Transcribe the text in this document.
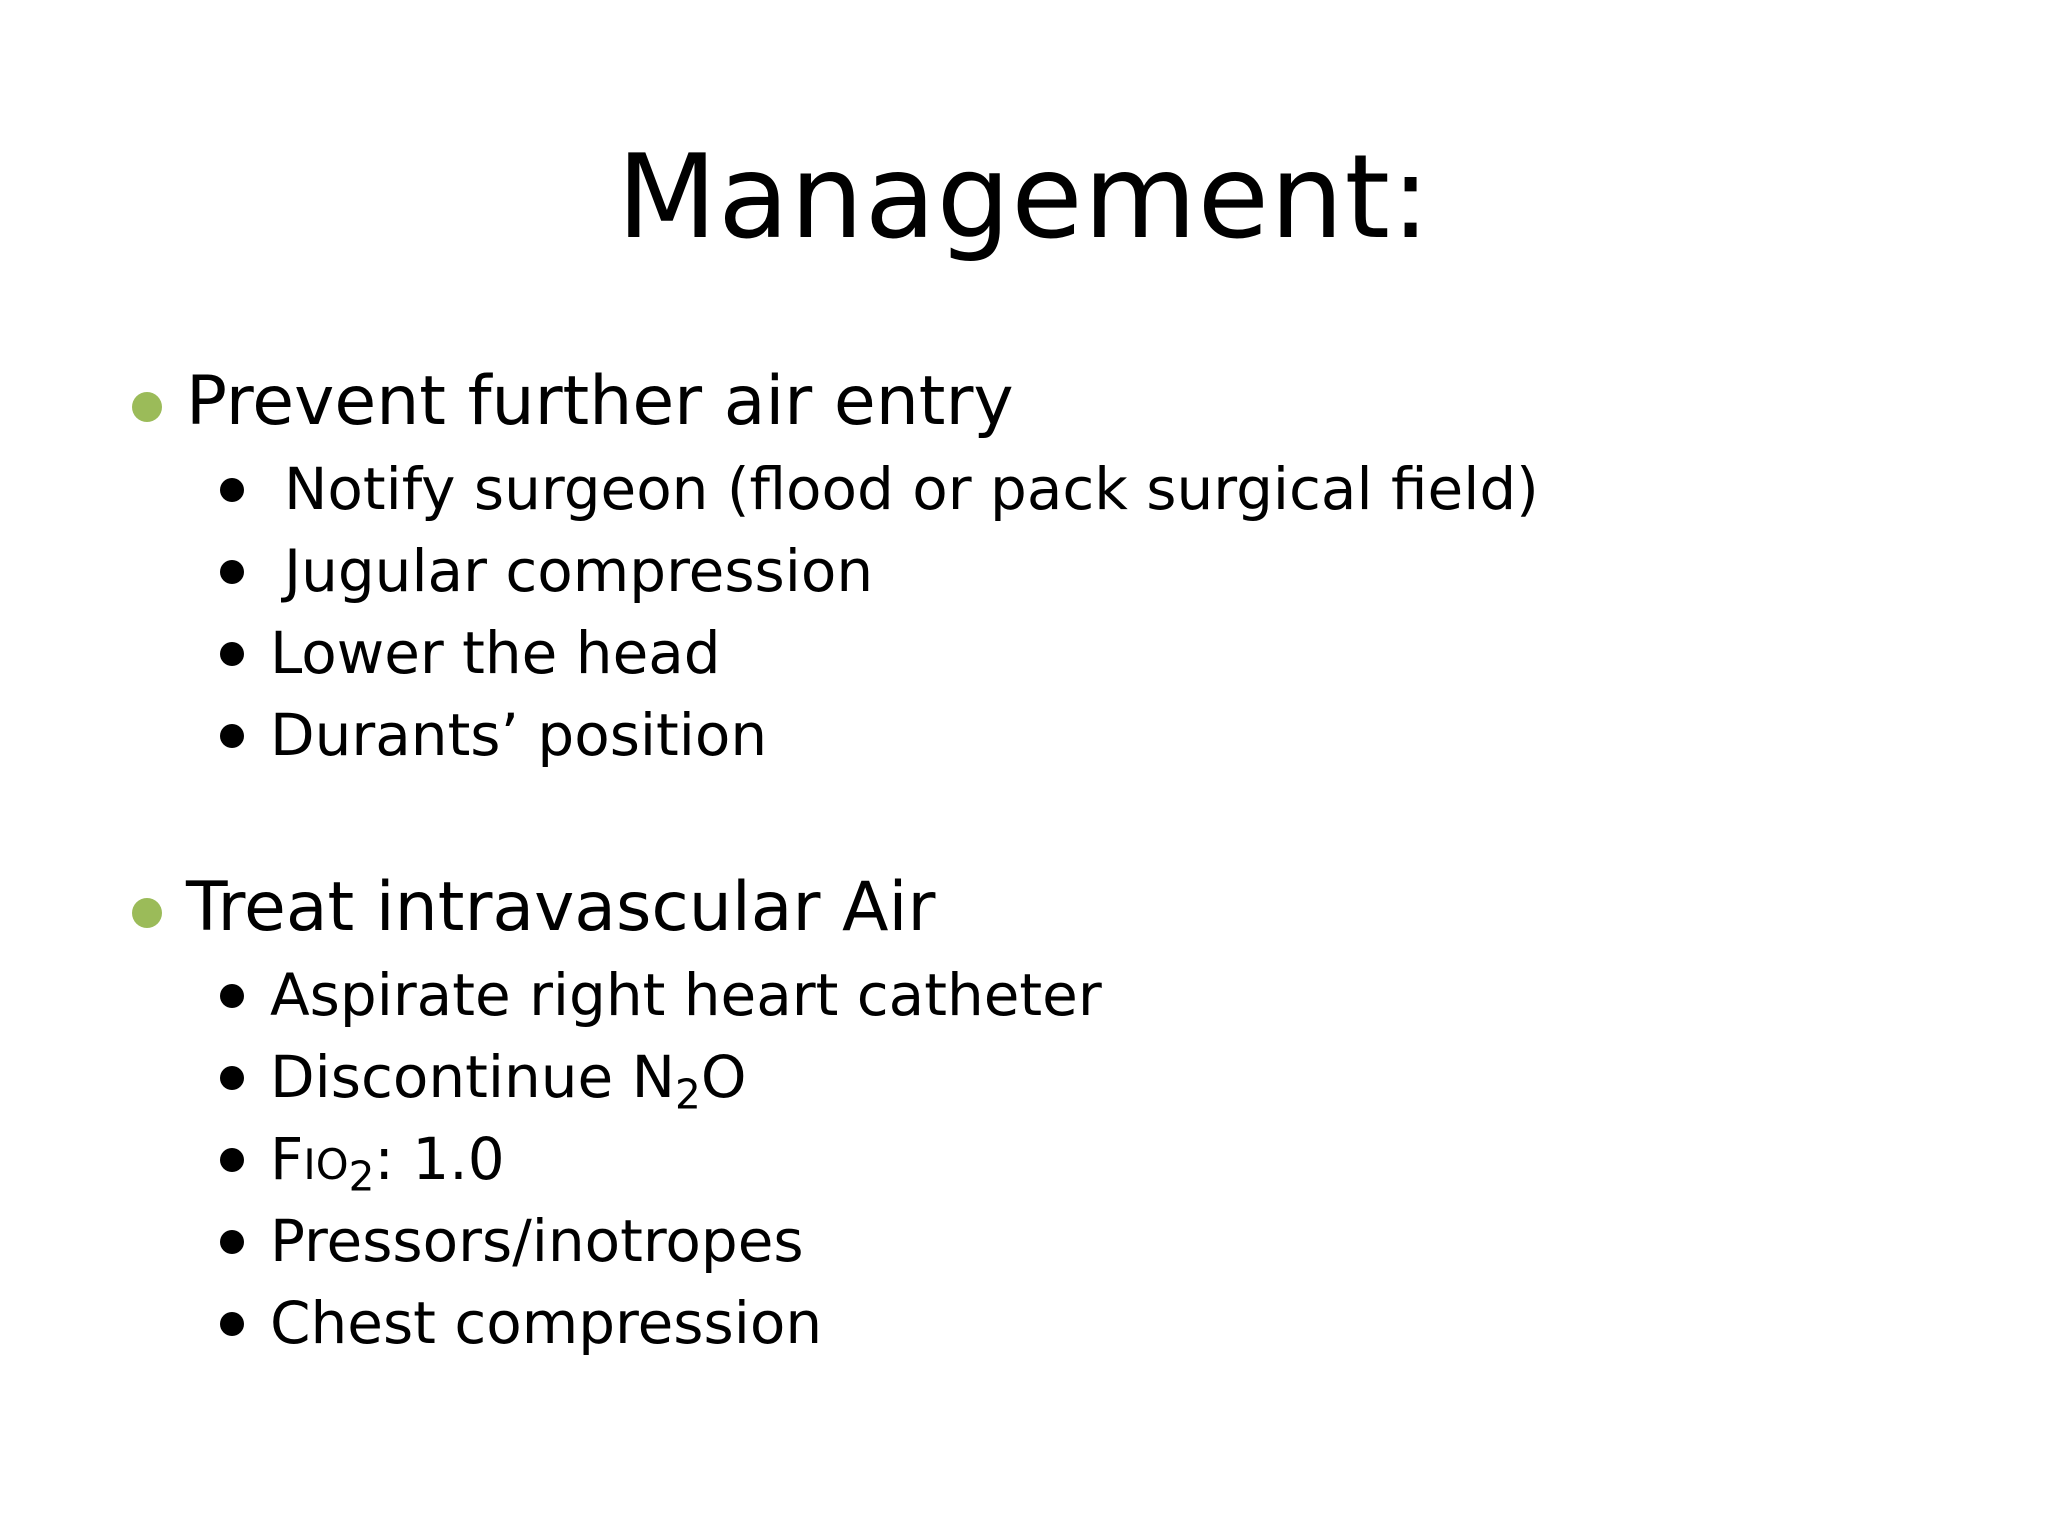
Management:
Prevent further air entry
Notify surgeon (flood or pack surgical field)
Jugular compression
Lower the head
Durants’ position
Treat intravascular Air
Aspirate right heart catheter
Discontinue $N_2O$
$FIO_2$: 1.0
Pressors/inotropes
Chest compression
